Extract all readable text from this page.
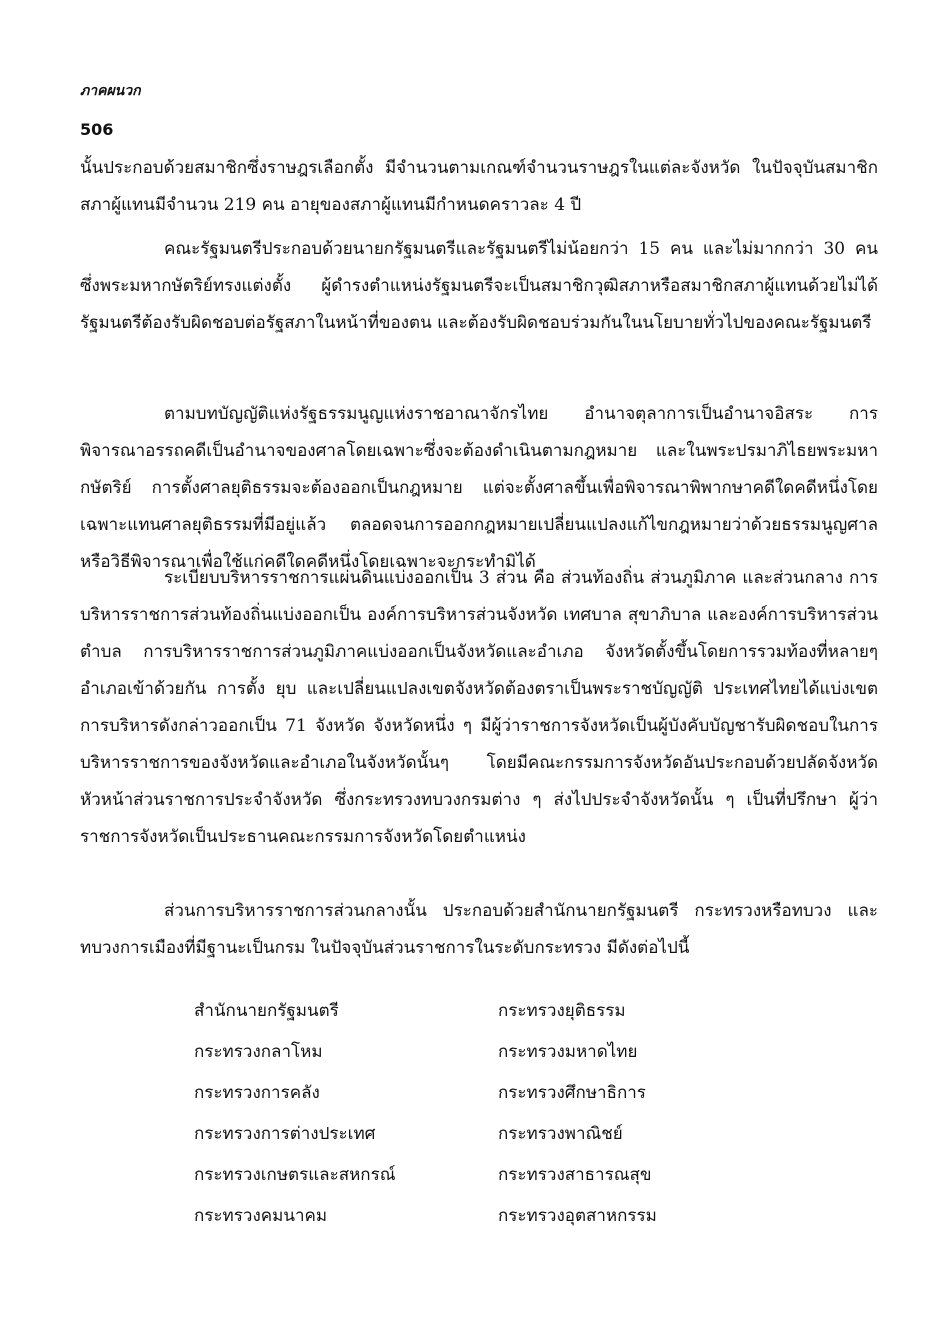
ภาคผนวก
506

นั้นประกอบด้วยสมาชิกซึ่งราษฎรเลือกตั้ง มีจำนวนตามเกณฑ์จำนวนราษฎรในแต่ละจังหวัด ในปัจจุบันสมาชิกสภาผู้แทนมีจำนวน 219 คน อายุของสภาผู้แทนมีกำหนดคราวละ 4 ปี

คณะรัฐมนตรีประกอบด้วยนายกรัฐมนตรีและรัฐมนตรีไม่น้อยกว่า 15 คน และไม่มากกว่า 30 คน ซึ่งพระมหากษัตริย์ทรงแต่งตั้ง ผู้ดำรงตำแหน่งรัฐมนตรีจะเป็นสมาชิกวุฒิสภาหรือสมาชิกสภาผู้แทนด้วยไม่ได้ รัฐมนตรีต้องรับผิดชอบต่อรัฐสภาในหน้าที่ของตน และต้องรับผิดชอบร่วมกันในนโยบายทั่วไปของคณะรัฐมนตรี

ตามบทบัญญัติแห่งรัฐธรรมนูญแห่งราชอาณาจักรไทย อำนาจตุลาการเป็นอำนาจอิสระ การพิจารณาอรรถคดีเป็นอำนาจของศาลโดยเฉพาะซึ่งจะต้องดำเนินตามกฎหมาย และในพระปรมาภิไธยพระมหากษัตริย์ การตั้งศาลยุติธรรมจะต้องออกเป็นกฎหมาย แต่จะตั้งศาลขึ้นเพื่อพิจารณาพิพากษาคดีใดคดีหนึ่งโดยเฉพาะแทนศาลยุติธรรมที่มีอยู่แล้ว ตลอดจนการออกกฎหมายเปลี่ยนแปลงแก้ไขกฎหมายว่าด้วยธรรมนูญศาลหรือวิธีพิจารณาเพื่อใช้แก่คดีใดคดีหนึ่งโดยเฉพาะจะกระทำมิได้

ระเบียบบริหารราชการแผ่นดินแบ่งออกเป็น 3 ส่วน คือ ส่วนท้องถิ่น ส่วนภูมิภาค และส่วนกลาง การบริหารราชการส่วนท้องถิ่นแบ่งออกเป็น องค์การบริหารส่วนจังหวัด เทศบาล สุขาภิบาล และองค์การบริหารส่วนตำบล การบริหารราชการส่วนภูมิภาคแบ่งออกเป็นจังหวัดและอำเภอ จังหวัดตั้งขึ้นโดยการรวมท้องที่หลายๆ อำเภอเข้าด้วยกัน การตั้ง ยุบ และเปลี่ยนแปลงเขตจังหวัดต้องตราเป็นพระราชบัญญัติ ประเทศไทยได้แบ่งเขตการบริหารดังกล่าวออกเป็น 71 จังหวัด จังหวัดหนึ่ง ๆ มีผู้ว่าราชการจังหวัดเป็นผู้บังคับบัญชารับผิดชอบในการบริหารราชการของจังหวัดและอำเภอในจังหวัดนั้นๆ โดยมีคณะกรรมการจังหวัดอันประกอบด้วยปลัดจังหวัด หัวหน้าส่วนราชการประจำจังหวัด ซึ่งกระทรวงทบวงกรมต่าง ๆ ส่งไปประจำจังหวัดนั้น ๆ เป็นที่ปรึกษา ผู้ว่าราชการจังหวัดเป็นประธานคณะกรรมการจังหวัดโดยตำแหน่ง

ส่วนการบริหารราชการส่วนกลางนั้น ประกอบด้วยสำนักนายกรัฐมนตรี กระทรวงหรือทบวง และทบวงการเมืองที่มีฐานะเป็นกรม ในปัจจุบันส่วนราชการในระดับกระทรวง มีดังต่อไปนี้

สำนักนายกรัฐมนตรี	กระทรวงยุติธรรม
กระทรวงกลาโหม	กระทรวงมหาดไทย
กระทรวงการคลัง	กระทรวงศึกษาธิการ
กระทรวงการต่างประเทศ	กระทรวงพาณิชย์
กระทรวงเกษตรและสหกรณ์	กระทรวงสาธารณสุข
กระทรวงคมนาคม	กระทรวงอุตสาหกรรม
